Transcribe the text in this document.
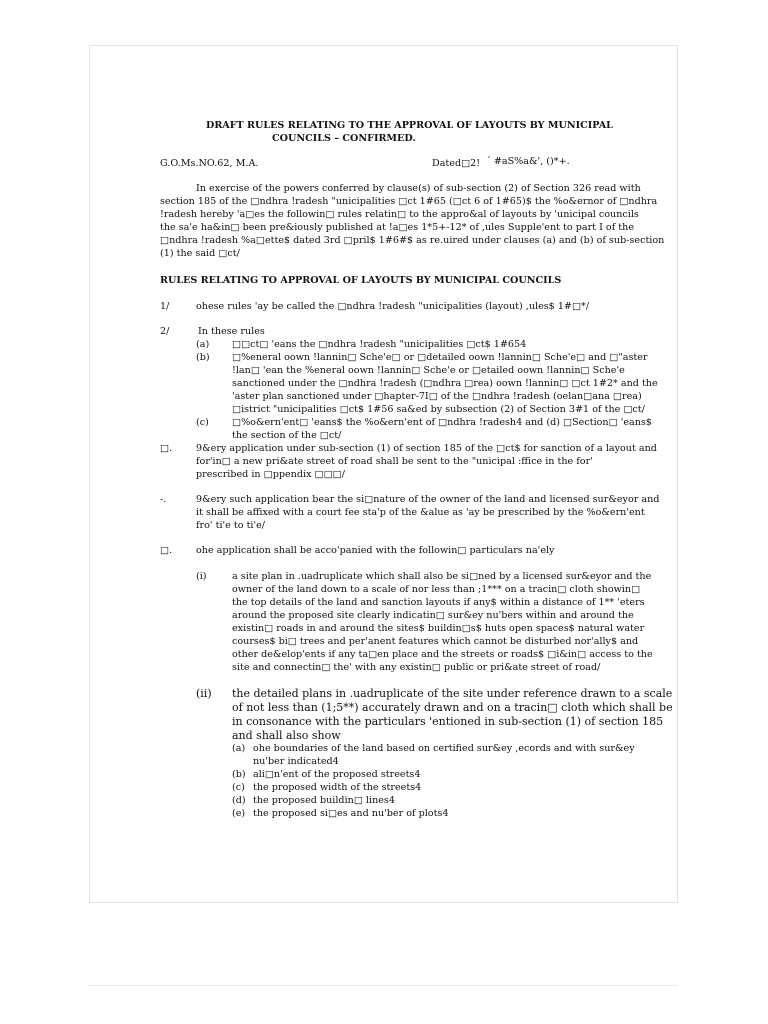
DRAFT RULES RELATING TO THE APPROVAL OF LAYOUTS BY MUNICIPAL
COUNCILS – CONFIRMED.
G.O.Ms.NO.62, M.A.	Dated□2! ´ #aS%a&', ()*+.
In exercise of the powers conferred by clause(s) of sub-section (2) of Section 326 read with
section 185 of the □ndhra !radesh "unicipalities □ct 1#65 (□ct 6 of 1#65)$ the %o&ernor of □ndhra
!radesh hereby 'a□es the followin□ rules relatin□ to the appro&al of layouts by 'unicipal councils
the sa'e ha&in□ been pre&iously published at !a□es 1*5+-12* of ,ules Supple'ent to part I of the
□ndhra !radesh %a□ette$ dated 3rd □pril$ 1#6#$ as re.uired under clauses (a) and (b) of sub-section
(1) the said □ct/
RULES RELATING TO APPROVAL OF LAYOUTS BY MUNICIPAL COUNCILS
1/	ohese rules 'ay be called the □ndhra !radesh "unicipalities (layout) ,ules$ 1#□*/
2/	In these rules
(a) □□ct□ 'eans the □ndhra !radesh "unicipalities □ct$ 1#654
(b) □%eneral oown !lannin□ Sche'e□ or □detailed oown !lannin□ Sche'e□ and □"aster
!lan□ 'ean the %eneral oown !lannin□ Sche'e or □etailed oown !lannin□ Sche'e
sanctioned under the □ndhra !radesh (□ndhra □rea) oown !lannin□ □ct 1#2* and the
'aster plan sanctioned under □hapter-7I□ of the □ndhra !radesh (oelan□ana □rea)
□istrict "unicipalities □ct$ 1#56 sa&ed by subsection (2) of Section 3#1 of the □ct/
(c) □%o&ern'ent□ 'eans$ the %o&ern'ent of □ndhra !radesh4 and (d) □Section□ 'eans$
the section of the □ct/
□. 9&ery application under sub-section (1) of section 185 of the □ct$ for sanction of a layout and
for'in□ a new pri&ate street of road shall be sent to the "unicipal :ffice in the for'
prescribed in □ppendix □□□/
-.	9&ery such application bear the si□nature of the owner of the land and licensed sur&eyor and
it shall be affixed with a court fee sta'p of the &alue as 'ay be prescribed by the %o&ern'ent
fro' ti'e to ti'e/
□. ohe application shall be acco'panied with the followin□ particulars na'ely
(i)	a site plan in .uadruplicate which shall also be si□ned by a licensed sur&eyor and the
owner of the land down to a scale of nor less than ;1*** on a tracin□ cloth showin□
the top details of the land and sanction layouts if any$ within a distance of 1** 'eters
around the proposed site clearly indicatin□ sur&ey nu'bers within and around the
existin□ roads in and around the sites$ buildin□s$ huts open spaces$ natural water
courses$ bi□ trees and per'anent features which cannot be disturbed nor'ally$ and
other de&elop'ents if any ta□en place and the streets or roads$ □i&in□ access to the
site and connectin□ the' with any existin□ public or pri&ate street of road/
(ii) the detailed plans in .uadruplicate of the site under reference drawn to a scale
of not less than (1;5**) accurately drawn and on a tracin□ cloth which shall be
in consonance with the particulars 'entioned in sub-section (1) of section 185
and shall also show
(a) ohe boundaries of the land based on certified sur&ey ,ecords and with sur&ey
nu'ber indicated4
(b) ali□n'ent of the proposed streets4
(c) the proposed width of the streets4
(d) the proposed buildin□ lines4
(e) the proposed si□es and nu'ber of plots4
